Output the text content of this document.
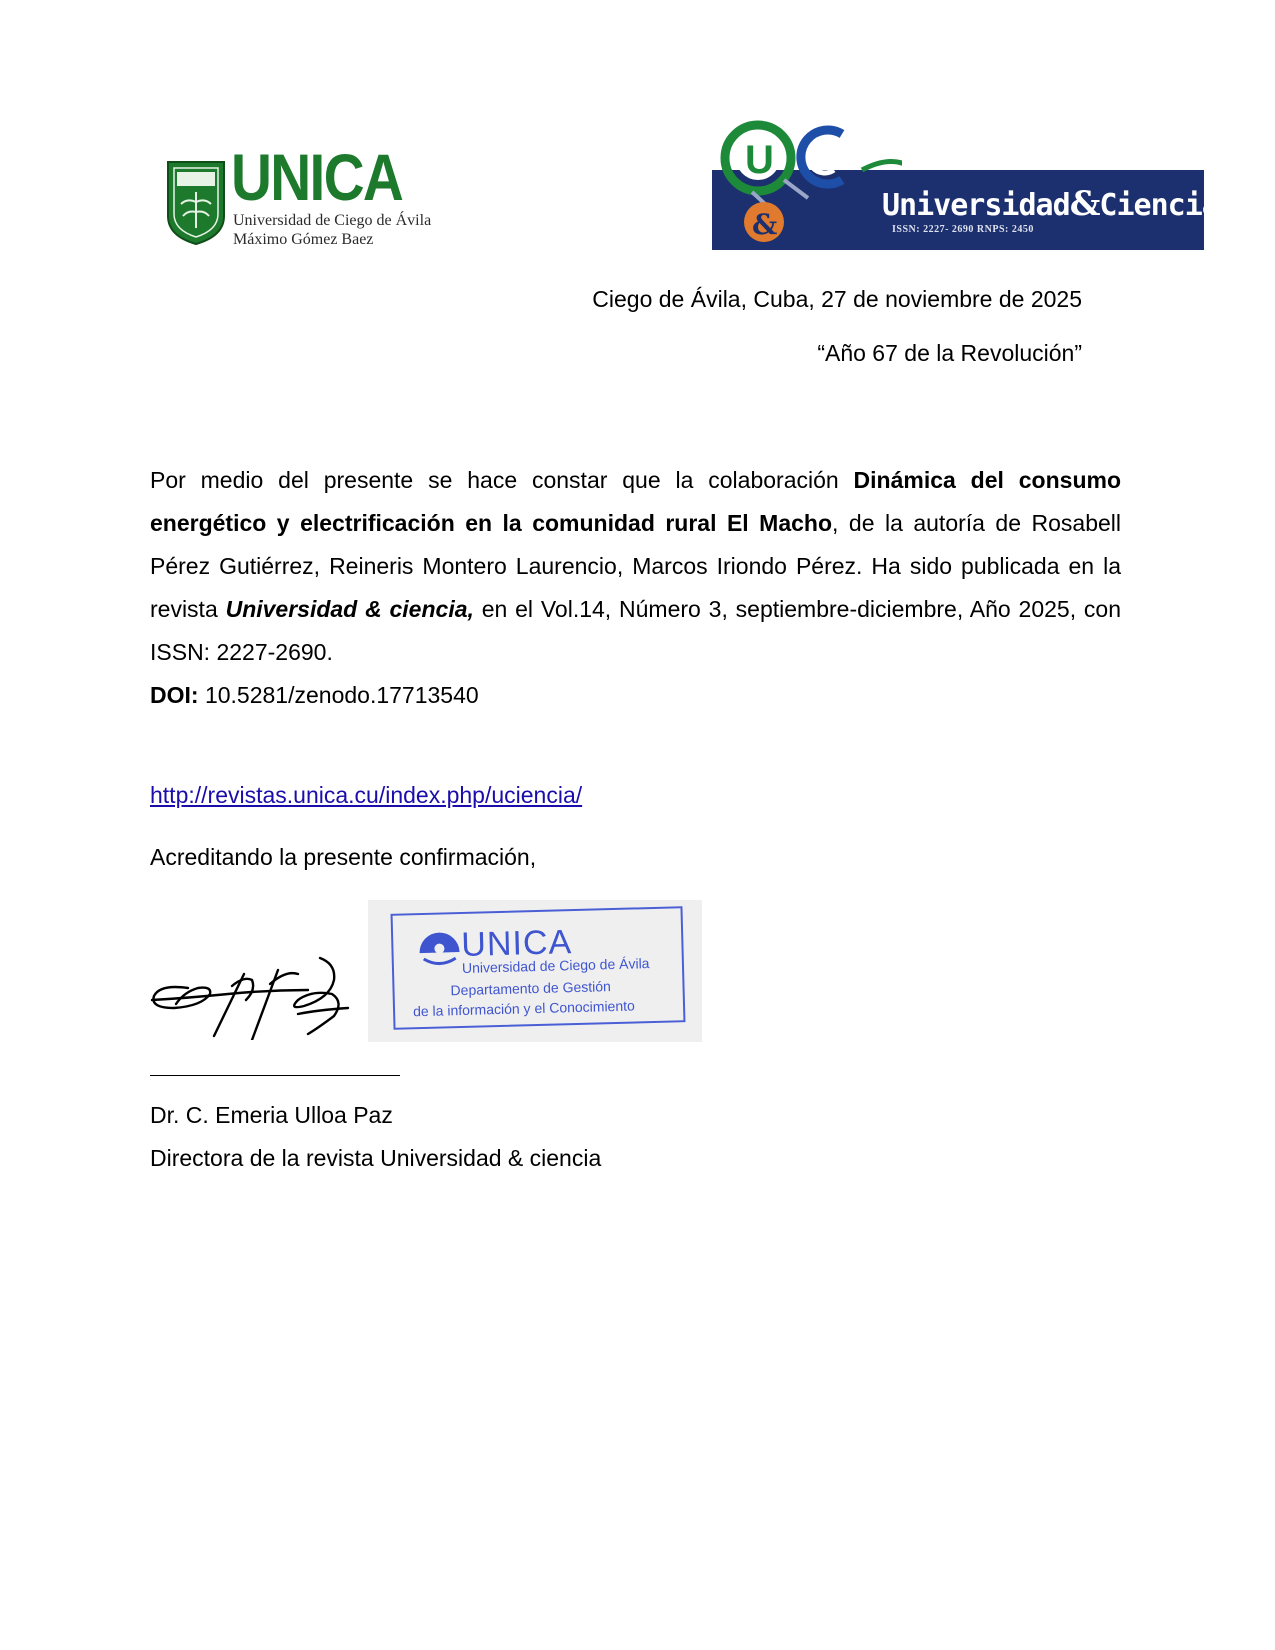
UNICA
Universidad de Ciego de Ávila
Máximo Gómez Baez
U
&
Universidad&Ciencia
ISSN: 2227- 2690 RNPS: 2450
Ciego de Ávila, Cuba, 27 de noviembre de 2025
“Año 67 de la Revolución”
Por medio del presente se hace constar que la colaboración Dinámica del consumo energético y electrificación en la comunidad rural El Macho, de la autoría de Rosabell Pérez Gutiérrez, Reineris Montero Laurencio, Marcos Iriondo Pérez. Ha sido publicada en la revista Universidad & ciencia, en el Vol.14, Número 3, septiembre-diciembre, Año 2025, con ISSN: 2227-2690.
DOI: 10.5281/zenodo.17713540
http://revistas.unica.cu/index.php/uciencia/
Acreditando la presente confirmación,
UNICA
Universidad de Ciego de Ávila
Departamento de Gestión
de la información y el Conocimiento
Dr. C. Emeria Ulloa Paz
Directora de la revista Universidad & ciencia
